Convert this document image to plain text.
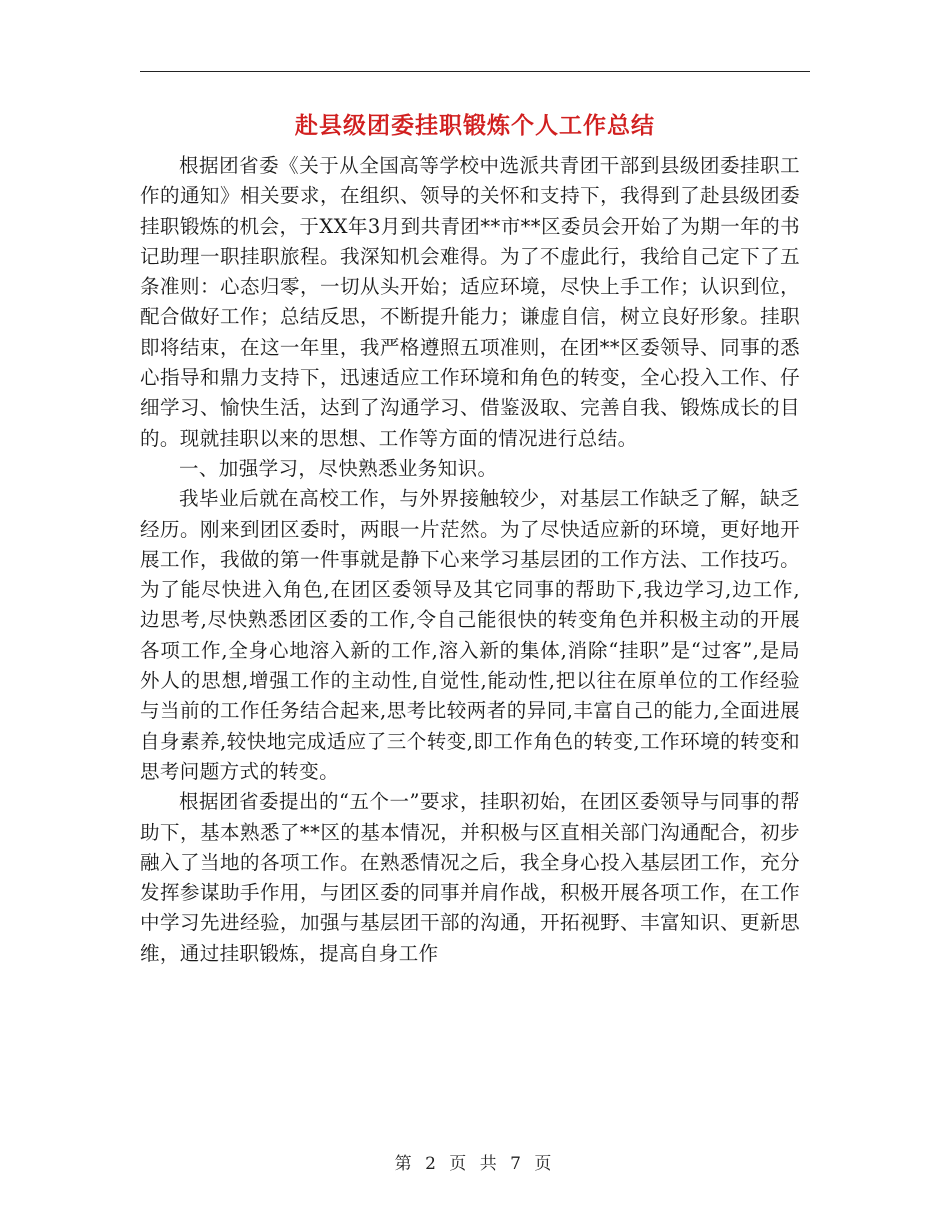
赴县级团委挂职锻炼个人工作总结

根据团省委《关于从全国高等学校中选派共青团干部到县级团委挂职工作的通知》相关要求，在组织、领导的关怀和支持下，我得到了赴县级团委挂职锻炼的机会，于XX年3月到共青团**市**区委员会开始了为期一年的书记助理一职挂职旅程。我深知机会难得。为了不虚此行，我给自己定下了五条准则：心态归零，一切从头开始；适应环境，尽快上手工作；认识到位，配合做好工作；总结反思，不断提升能力；谦虚自信，树立良好形象。挂职即将结束，在这一年里，我严格遵照五项准则，在团**区委领导、同事的悉心指导和鼎力支持下，迅速适应工作环境和角色的转变，全心投入工作、仔细学习、愉快生活，达到了沟通学习、借鉴汲取、完善自我、锻炼成长的目的。现就挂职以来的思想、工作等方面的情况进行总结。

一、加强学习，尽快熟悉业务知识。

我毕业后就在高校工作，与外界接触较少，对基层工作缺乏了解，缺乏经历。刚来到团区委时，两眼一片茫然。为了尽快适应新的环境，更好地开展工作，我做的第一件事就是静下心来学习基层团的工作方法、工作技巧。为了能尽快进入角色,在团区委领导及其它同事的帮助下,我边学习,边工作,边思考,尽快熟悉团区委的工作,令自己能很快的转变角色并积极主动的开展各项工作,全身心地溶入新的工作,溶入新的集体,消除“挂职”是“过客”,是局外人的思想,增强工作的主动性,自觉性,能动性,把以往在原单位的工作经验与当前的工作任务结合起来,思考比较两者的异同,丰富自己的能力,全面进展自身素养,较快地完成适应了三个转变,即工作角色的转变,工作环境的转变和思考问题方式的转变。

根据团省委提出的“五个一”要求，挂职初始，在团区委领导与同事的帮助下，基本熟悉了**区的基本情况，并积极与区直相关部门沟通配合，初步融入了当地的各项工作。在熟悉情况之后，我全身心投入基层团工作，充分发挥参谋助手作用，与团区委的同事并肩作战，积极开展各项工作，在工作中学习先进经验，加强与基层团干部的沟通，开拓视野、丰富知识、更新思维，通过挂职锻炼，提高自身工作

第 2 页 共 7 页
